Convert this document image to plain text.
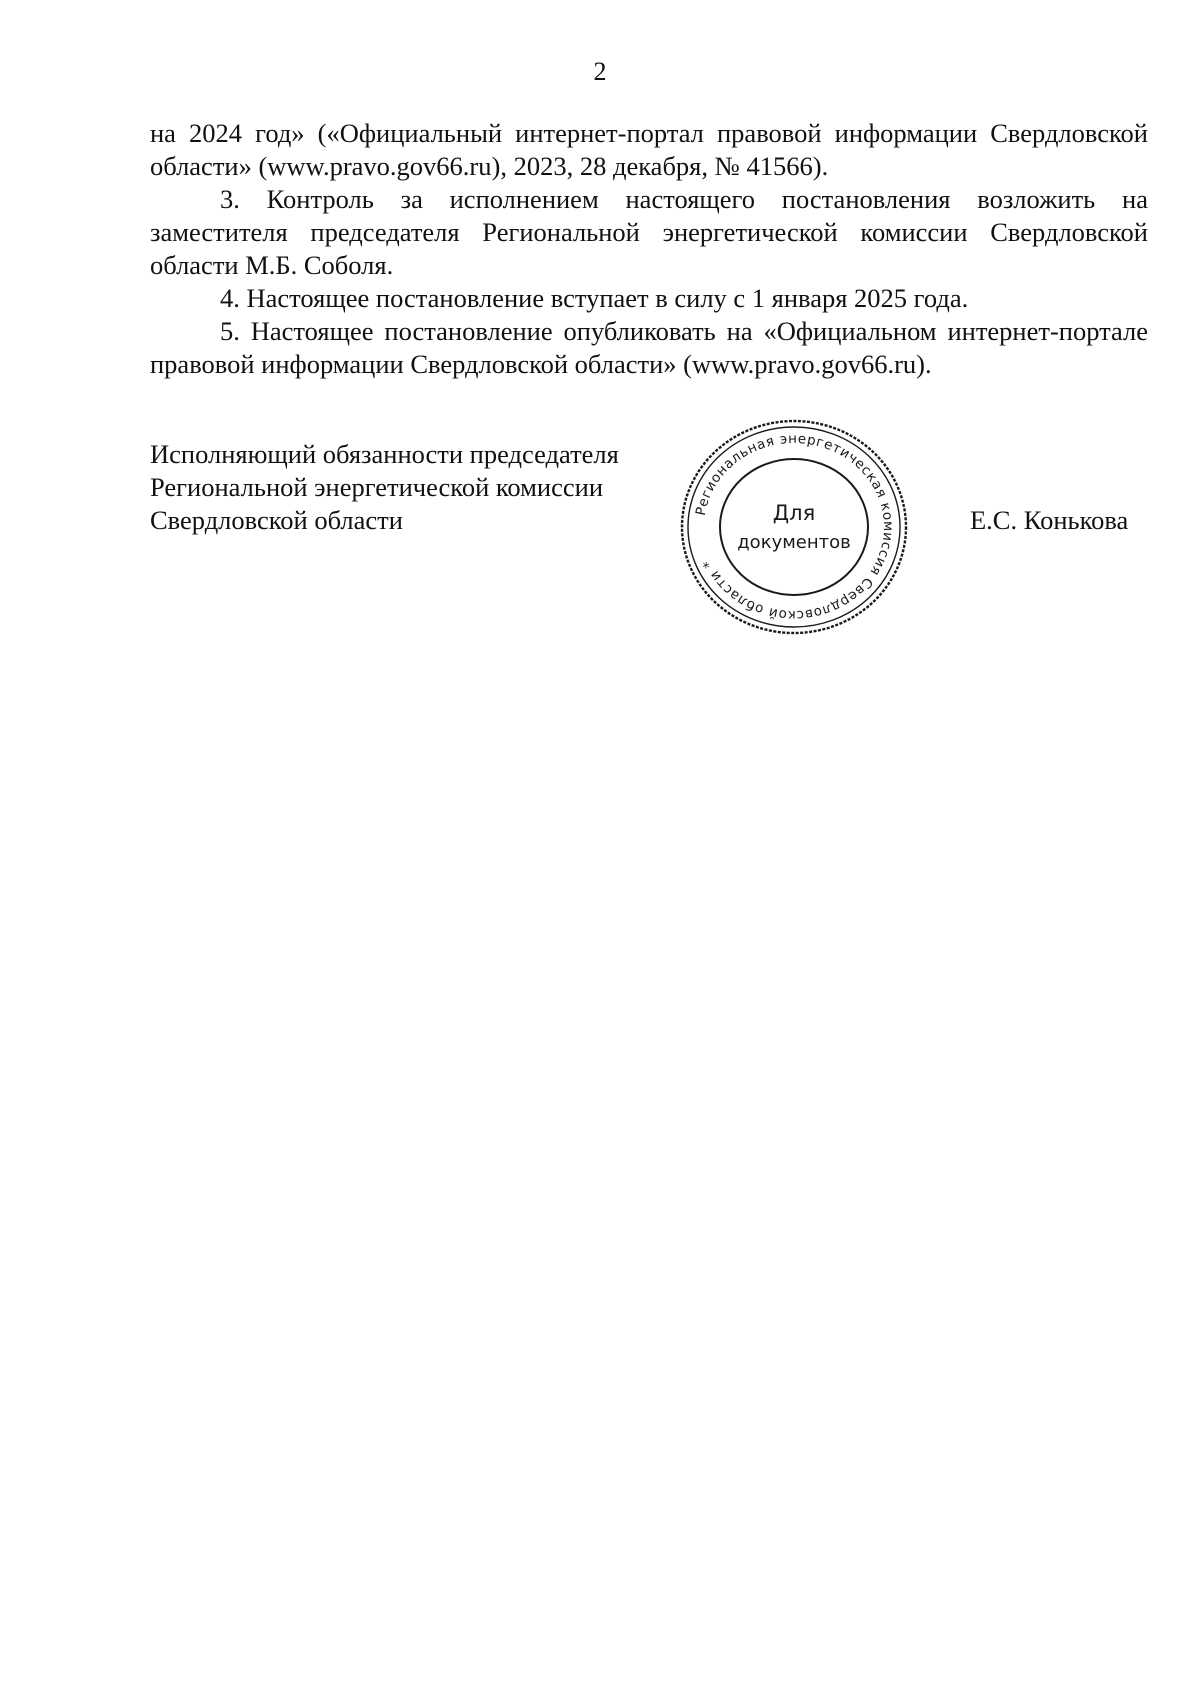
2

на 2024 год» («Официальный интернет-портал правовой информации Свердловской области» (www.pravo.gov66.ru), 2023, 28 декабря, № 41566).

3. Контроль за исполнением настоящего постановления возложить на заместителя председателя Региональной энергетической комиссии Свердловской области М.Б. Соболя.

4. Настоящее постановление вступает в силу с 1 января 2025 года.

5. Настоящее постановление опубликовать на «Официальном интернет-портале правовой информации Свердловской области» (www.pravo.gov66.ru).

Исполняющий обязанности председателя
Региональной энергетической комиссии
Свердловской области	Региональная энергетическая комиссия Свердловской области *
Для
документов
Е.С. Конькова
